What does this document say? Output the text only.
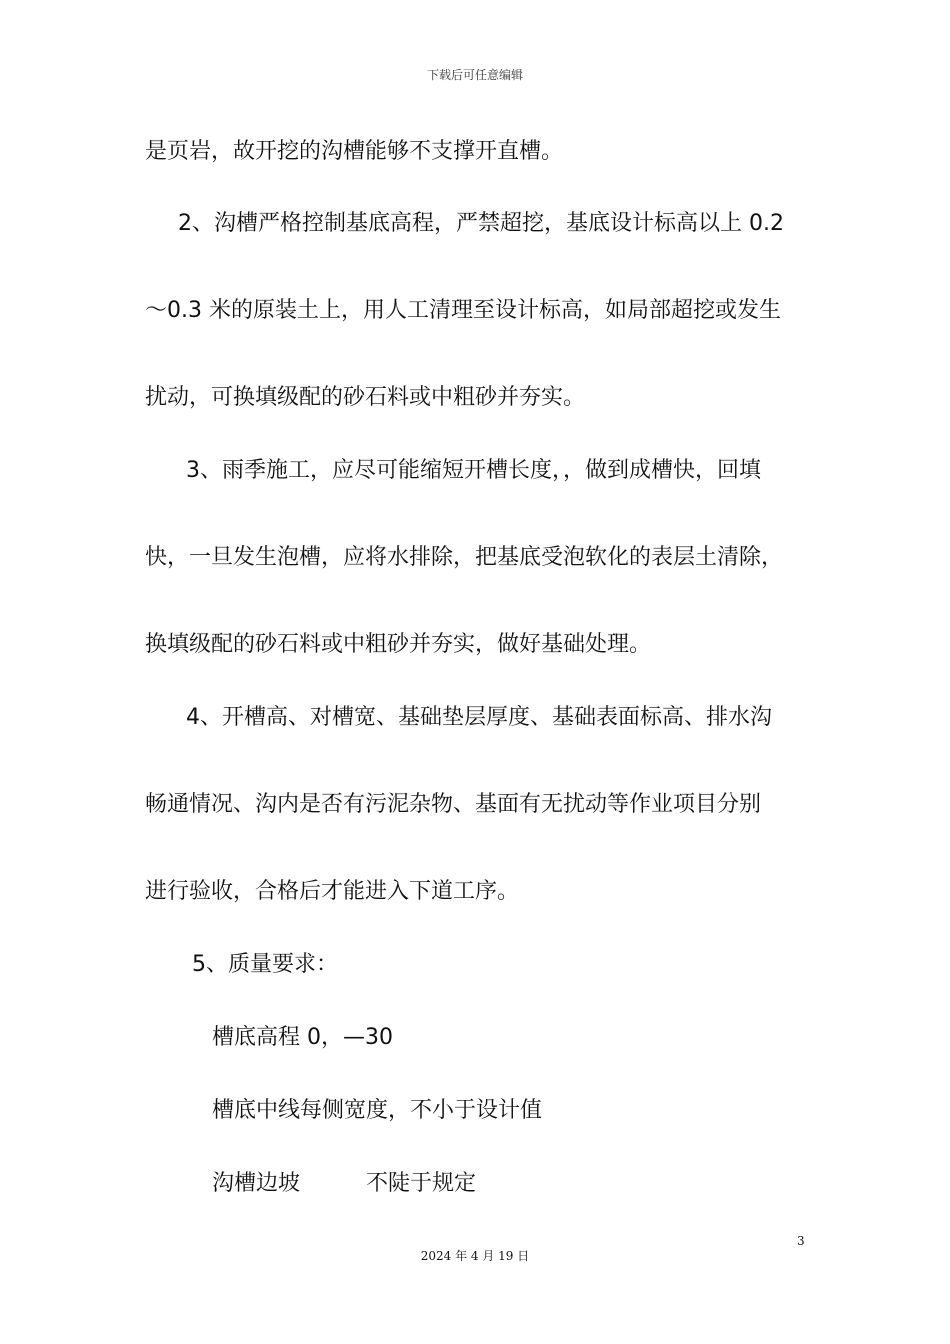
下载后可任意编辑
是页岩，故开挖的沟槽能够不支撑开直槽。
2、沟槽严格控制基底高程，严禁超挖，基底设计标高以上 0.2
～0.3 米的原装土上，用人工清理至设计标高，如局部超挖或发生
扰动，可换填级配的砂石料或中粗砂并夯实。
3、雨季施工，应尽可能缩短开槽长度，，做到成槽快，回填
快，一旦发生泡槽，应将水排除，把基底受泡软化的表层土清除，
换填级配的砂石料或中粗砂并夯实，做好基础处理。
4、开槽高、对槽宽、基础垫层厚度、基础表面标高、排水沟
畅通情况、沟内是否有污泥杂物、基面有无扰动等作业项目分别
进行验收，合格后才能进入下道工序。
5、质量要求：
槽底高程 0，—30
槽底中线每侧宽度，不小于设计值
沟槽边坡	不陡于规定
3
2024 年 4 月 19 日
